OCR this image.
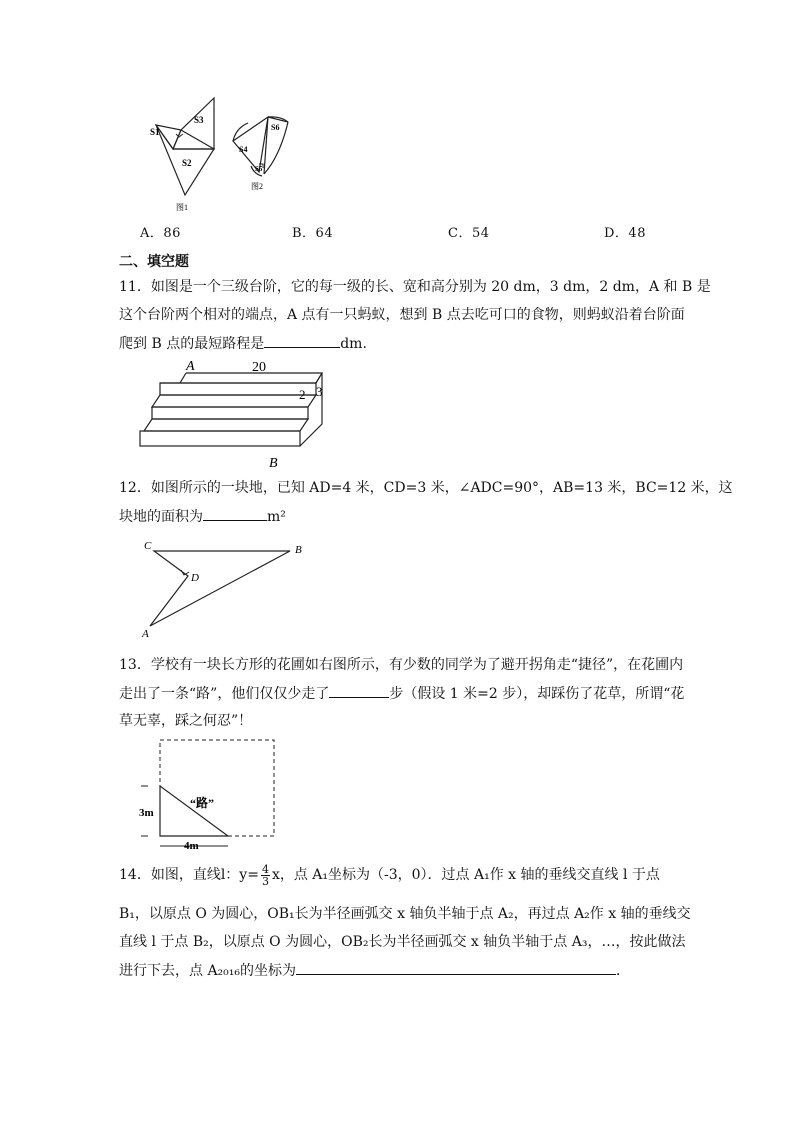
S1
S3
S2
图1
S4
S6
S5
图2
A．86	B．64	C．54	D．48
二、填空题
11．如图是一个三级台阶，它的每一级的长、宽和高分别为 20 dm，3 dm，2 dm，A 和 B 是
这个台阶两个相对的端点，A 点有一只蚂蚁，想到 B 点去吃可口的食物，则蚂蚁沿着台阶面
爬到 B 点的最短路程是	dm.
A	20
2 3
B
12．如图所示的一块地，已知 AD=4 米，CD=3 米，∠ADC=90°，AB=13 米，BC=12 米，这
块地的面积为	m²
C	B
D
A
13．学校有一块长方形的花圃如右图所示，有少数的同学为了避开拐角走“捷径”，在花圃内
走出了一条“路”，他们仅仅少走了	步（假设 1 米=2 步），却踩伤了花草，所谓“花
草无辜，踩之何忍”！
“路”
3m
4m
14．如图，直线l：$y= \frac{4}{3}$ x，点 A₁坐标为（-3，0）．过点 A₁作 x 轴的垂线交直线 l 于点
B₁，以原点 O 为圆心，OB₁长为半径画弧交 x 轴负半轴于点 A₂，再过点 A₂作 x 轴的垂线交
直线 l 于点 B₂，以原点 O 为圆心，OB₂长为半径画弧交 x 轴负半轴于点 A₃，…，按此做法
进行下去，点 A₂₀₁₆的坐标为	．
